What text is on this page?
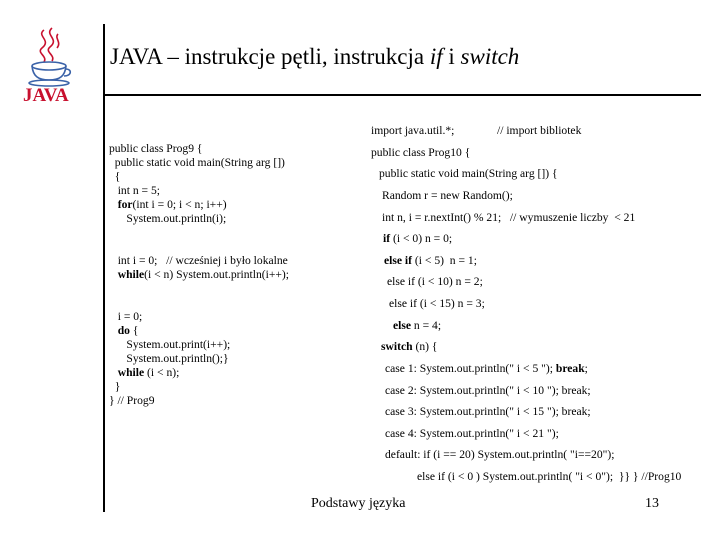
JAVA
JAVA – instrukcje pętli, instrukcja if i switch
public class Prog9 {
public static void main(String arg [])
{
int n = 5;
for(int i = 0; i < n; i++)
System.out.println(i);
int i = 0;   // wcześniej i było lokalne
while(i < n) System.out.println(i++);
i = 0;
do {
System.out.print(i++);
System.out.println();}
while (i < n);
}
} // Prog9
import java.util.*;	// import bibliotek
public class Prog10 {
public static void main(String arg []) {
Random r = new Random();
int n, i = r.nextInt() % 21;   // wymuszenie liczby  < 21
if (i < 0) n = 0;
else if (i < 5)  n = 1;
else if (i < 10) n = 2;
else if (i < 15) n = 3;
else n = 4;
switch (n) {
case 1: System.out.println(" i < 5 "); break;
case 2: System.out.println(" i < 10 "); break;
case 3: System.out.println(" i < 15 "); break;
case 4: System.out.println(" i < 21 ");
default: if (i == 20) System.out.println( "i==20");
else if (i < 0 ) System.out.println( "i < 0");  }} } //Prog10
Podstawy języka	13
